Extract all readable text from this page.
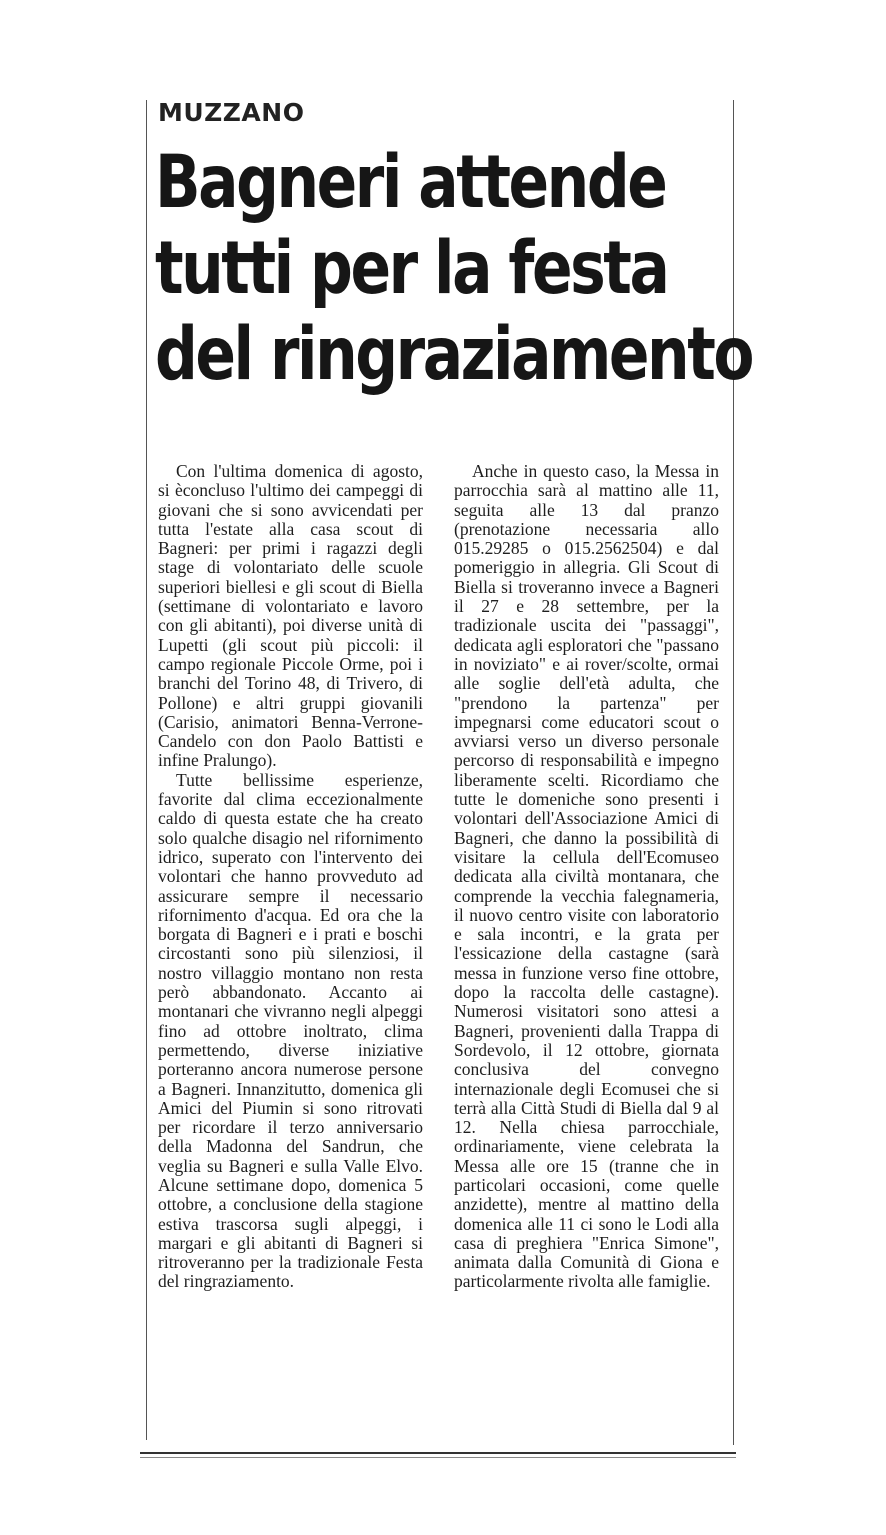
MUZZANO
Bagneri attende
tutti per la festa
del ringraziamento

Con l'ultima domenica di agosto, si èconcluso l'ultimo dei campeggi di giovani che si sono avvicendati per tutta l'estate alla casa scout di Bagneri: per primi i ragazzi degli stage di volontariato delle scuole superiori biellesi e gli scout di Biella (settimane di volontariato e lavoro con gli abitanti), poi diverse unità di Lupetti (gli scout più piccoli: il campo regionale Piccole Orme, poi i branchi del Torino 48, di Trivero, di Pollone) e altri gruppi giovanili (Carisio, animatori Benna-Verrone-Candelo con don Paolo Battisti e infine Pralungo).

Tutte bellissime esperienze, favorite dal clima eccezionalmente caldo di questa estate che ha creato solo qualche disagio nel rifornimento idrico, superato con l'intervento dei volontari che hanno provveduto ad assicurare sempre il necessario rifornimento d'acqua. Ed ora che la borgata di Bagneri e i prati e boschi circostanti sono più silenziosi, il nostro villaggio montano non resta però abbandonato. Accanto ai montanari che vivranno negli alpeggi fino ad ottobre inoltrato, clima permettendo, diverse iniziative porteranno ancora numerose persone a Bagneri. Innanzitutto, domenica gli Amici del Piumin si sono ritrovati per ricordare il terzo anniversario della Madonna del Sandrun, che veglia su Bagneri e sulla Valle Elvo. Alcune settimane dopo, domenica 5 ottobre, a conclusione della stagione estiva trascorsa sugli alpeggi, i margari e gli abitanti di Bagneri si ritroveranno per la tradizionale Festa del ringraziamento.

Anche in questo caso, la Messa in parrocchia sarà al mattino alle 11, seguita alle 13 dal pranzo (prenotazione necessaria allo 015.29285 o 015.2562504) e dal pomeriggio in allegria. Gli Scout di Biella si troveranno invece a Bagneri il 27 e 28 settembre, per la tradizionale uscita dei "passaggi", dedicata agli esploratori che "passano in noviziato" e ai rover/scolte, ormai alle soglie dell'età adulta, che "prendono la partenza" per impegnarsi come educatori scout o avviarsi verso un diverso personale percorso di responsabilità e impegno liberamente scelti. Ricordiamo che tutte le domeniche sono presenti i volontari dell'Associazione Amici di Bagneri, che danno la possibilità di visitare la cellula dell'Ecomuseo dedicata alla civiltà montanara, che comprende la vecchia falegnameria, il nuovo centro visite con laboratorio e sala incontri, e la grata per l'essicazione della castagne (sarà messa in funzione verso fine ottobre, dopo la raccolta delle castagne). Numerosi visitatori sono attesi a Bagneri, provenienti dalla Trappa di Sordevolo, il 12 ottobre, giornata conclusiva del convegno internazionale degli Ecomusei che si terrà alla Città Studi di Biella dal 9 al 12. Nella chiesa parrocchiale, ordinariamente, viene celebrata la Messa alle ore 15 (tranne che in particolari occasioni, come quelle anzidette), mentre al mattino della domenica alle 11 ci sono le Lodi alla casa di preghiera "Enrica Simone", animata dalla Comunità di Giona e particolarmente rivolta alle famiglie.
